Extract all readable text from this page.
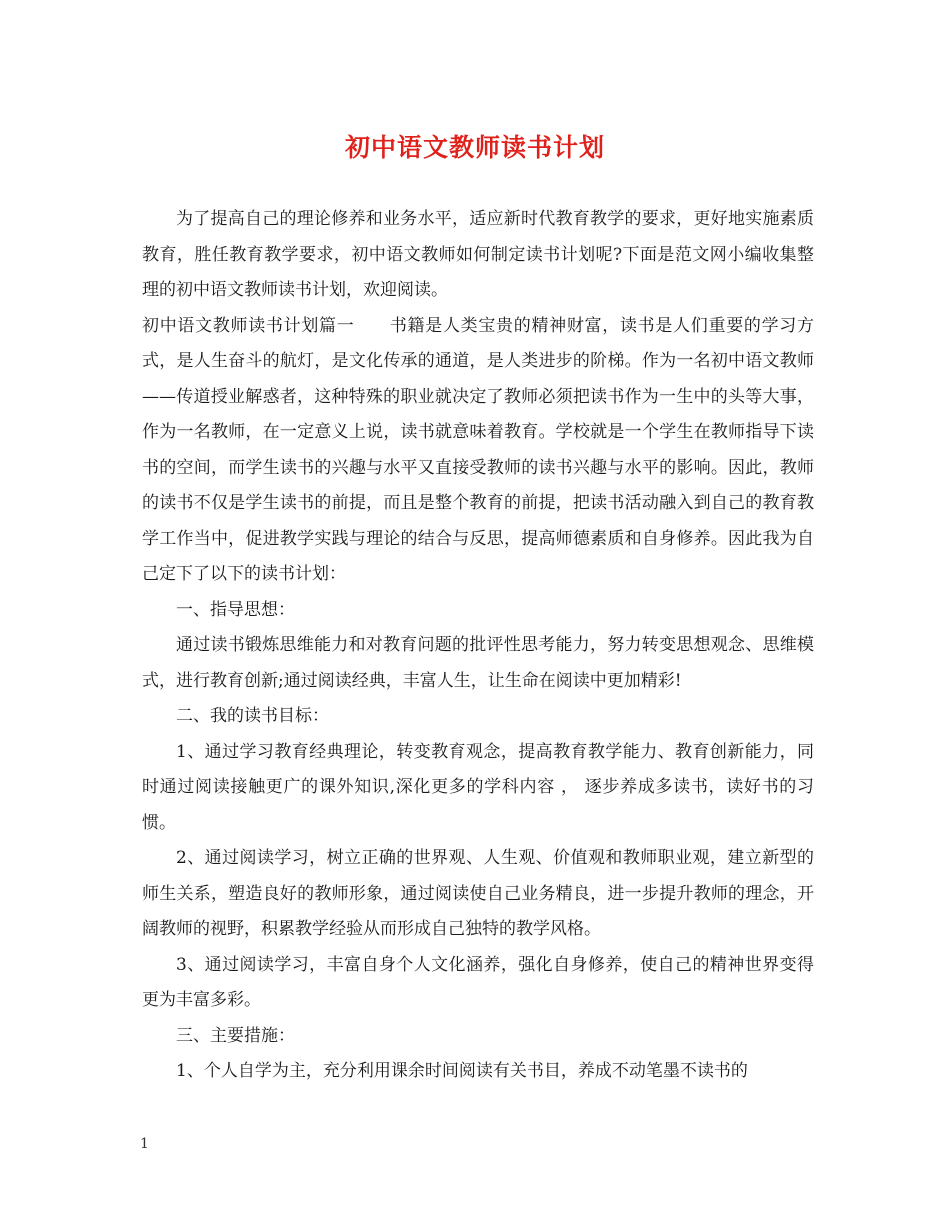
初中语文教师读书计划

为了提高自己的理论修养和业务水平，适应新时代教育教学的要求，更好地实施素质教育，胜任教育教学要求，初中语文教师如何制定读书计划呢?下面是范文网小编收集整理的初中语文教师读书计划，欢迎阅读。

初中语文教师读书计划篇一　　书籍是人类宝贵的精神财富，读书是人们重要的学习方式，是人生奋斗的航灯，是文化传承的通道，是人类进步的阶梯。作为一名初中语文教师——传道授业解惑者，这种特殊的职业就决定了教师必须把读书作为一生中的头等大事，作为一名教师，在一定意义上说，读书就意味着教育。学校就是一个学生在教师指导下读书的空间，而学生读书的兴趣与水平又直接受教师的读书兴趣与水平的影响。因此，教师的读书不仅是学生读书的前提，而且是整个教育的前提，把读书活动融入到自己的教育教学工作当中，促进教学实践与理论的结合与反思，提高师德素质和自身修养。因此我为自己定下了以下的读书计划：

一、指导思想：

通过读书锻炼思维能力和对教育问题的批评性思考能力，努力转变思想观念、思维模式，进行教育创新;通过阅读经典，丰富人生，让生命在阅读中更加精彩!

二、我的读书目标：

1、通过学习教育经典理论，转变教育观念，提高教育教学能力、教育创新能力，同时通过阅读接触更广的课外知识,深化更多的学科内容 ， 逐步养成多读书，读好书的习惯。

2、通过阅读学习，树立正确的世界观、人生观、价值观和教师职业观，建立新型的师生关系，塑造良好的教师形象，通过阅读使自己业务精良，进一步提升教师的理念，开阔教师的视野，积累教学经验从而形成自己独特的教学风格。

3、通过阅读学习，丰富自身个人文化涵养，强化自身修养，使自己的精神世界变得更为丰富多彩。

三、主要措施：

1、个人自学为主，充分利用课余时间阅读有关书目，养成不动笔墨不读书的

1
